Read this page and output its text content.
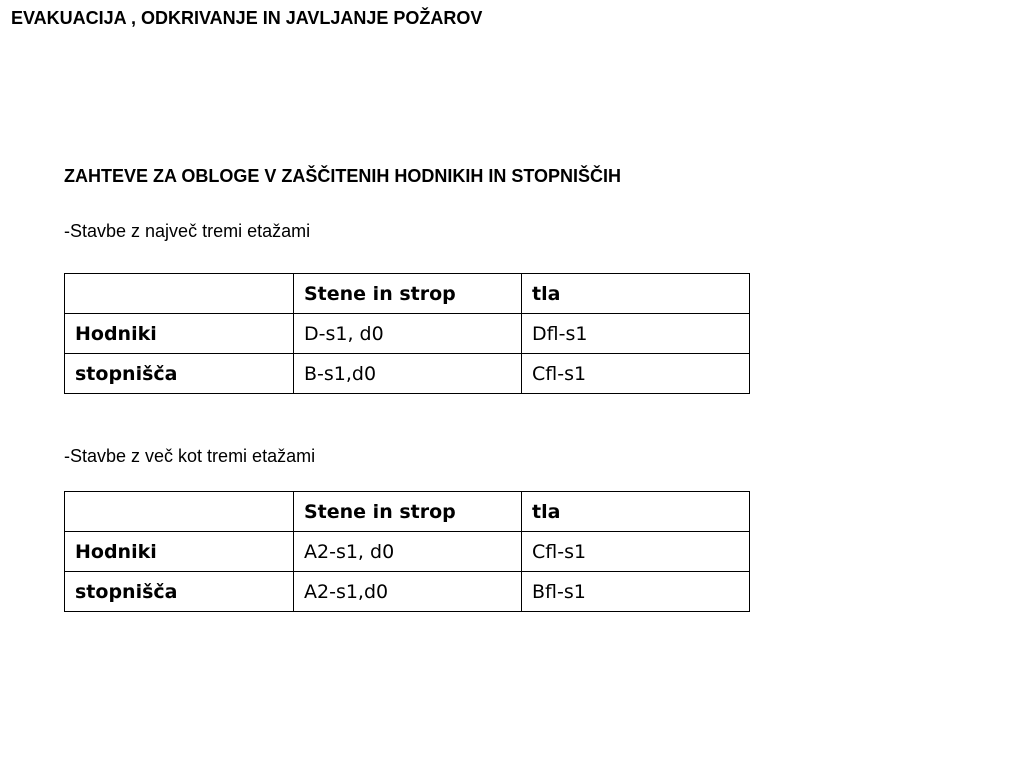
EVAKUACIJA , ODKRIVANJE IN JAVLJANJE POŽAROV
ZAHTEVE ZA OBLOGE V ZAŠČITENIH HODNIKIH IN STOPNIŠČIH
-Stavbe z največ tremi etažami
	Stene in strop	tla
Hodniki	D-s1, d0	Dfl-s1
stopnišča	B-s1,d0	Cfl-s1
-Stavbe z več kot tremi etažami
	Stene in strop	tla
Hodniki	A2-s1, d0	Cfl-s1
stopnišča	A2-s1,d0	Bfl-s1
